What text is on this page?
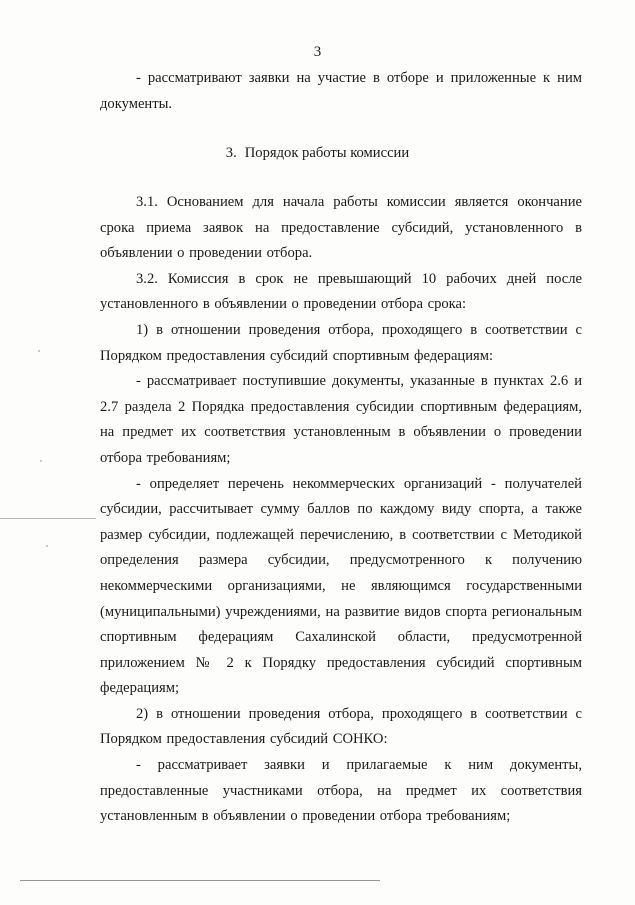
3

- рассматривают заявки на участие в отборе и приложенные к ним документы.

3. Порядок работы комиссии

3.1. Основанием для начала работы комиссии является окончание срока приема заявок на предоставление субсидий, установленного в объявлении о проведении отбора.

3.2. Комиссия в срок не превышающий 10 рабочих дней после установленного в объявлении о проведении отбора срока:

1) в отношении проведения отбора, проходящего в соответствии с Порядком предоставления субсидий спортивным федерациям:

- рассматривает поступившие документы, указанные в пунктах 2.6 и 2.7 раздела 2 Порядка предоставления субсидии спортивным федерациям, на предмет их соответствия установленным в объявлении о проведении отбора требованиям;

- определяет перечень некоммерческих организаций - получателей субсидии, рассчитывает сумму баллов по каждому виду спорта, а также размер субсидии, подлежащей перечислению, в соответствии с Методикой определения размера субсидии, предусмотренного к получению некоммерческими организациями, не являющимся государственными (муниципальными) учреждениями, на развитие видов спорта региональным спортивным федерациям Сахалинской области, предусмотренной приложением № 2 к Порядку предоставления субсидий спортивным федерациям;

2) в отношении проведения отбора, проходящего в соответствии с Порядком предоставления субсидий СОНКО:

- рассматривает заявки и прилагаемые к ним документы, предоставленные участниками отбора, на предмет их соответствия установленным в объявлении о проведении отбора требованиям;
